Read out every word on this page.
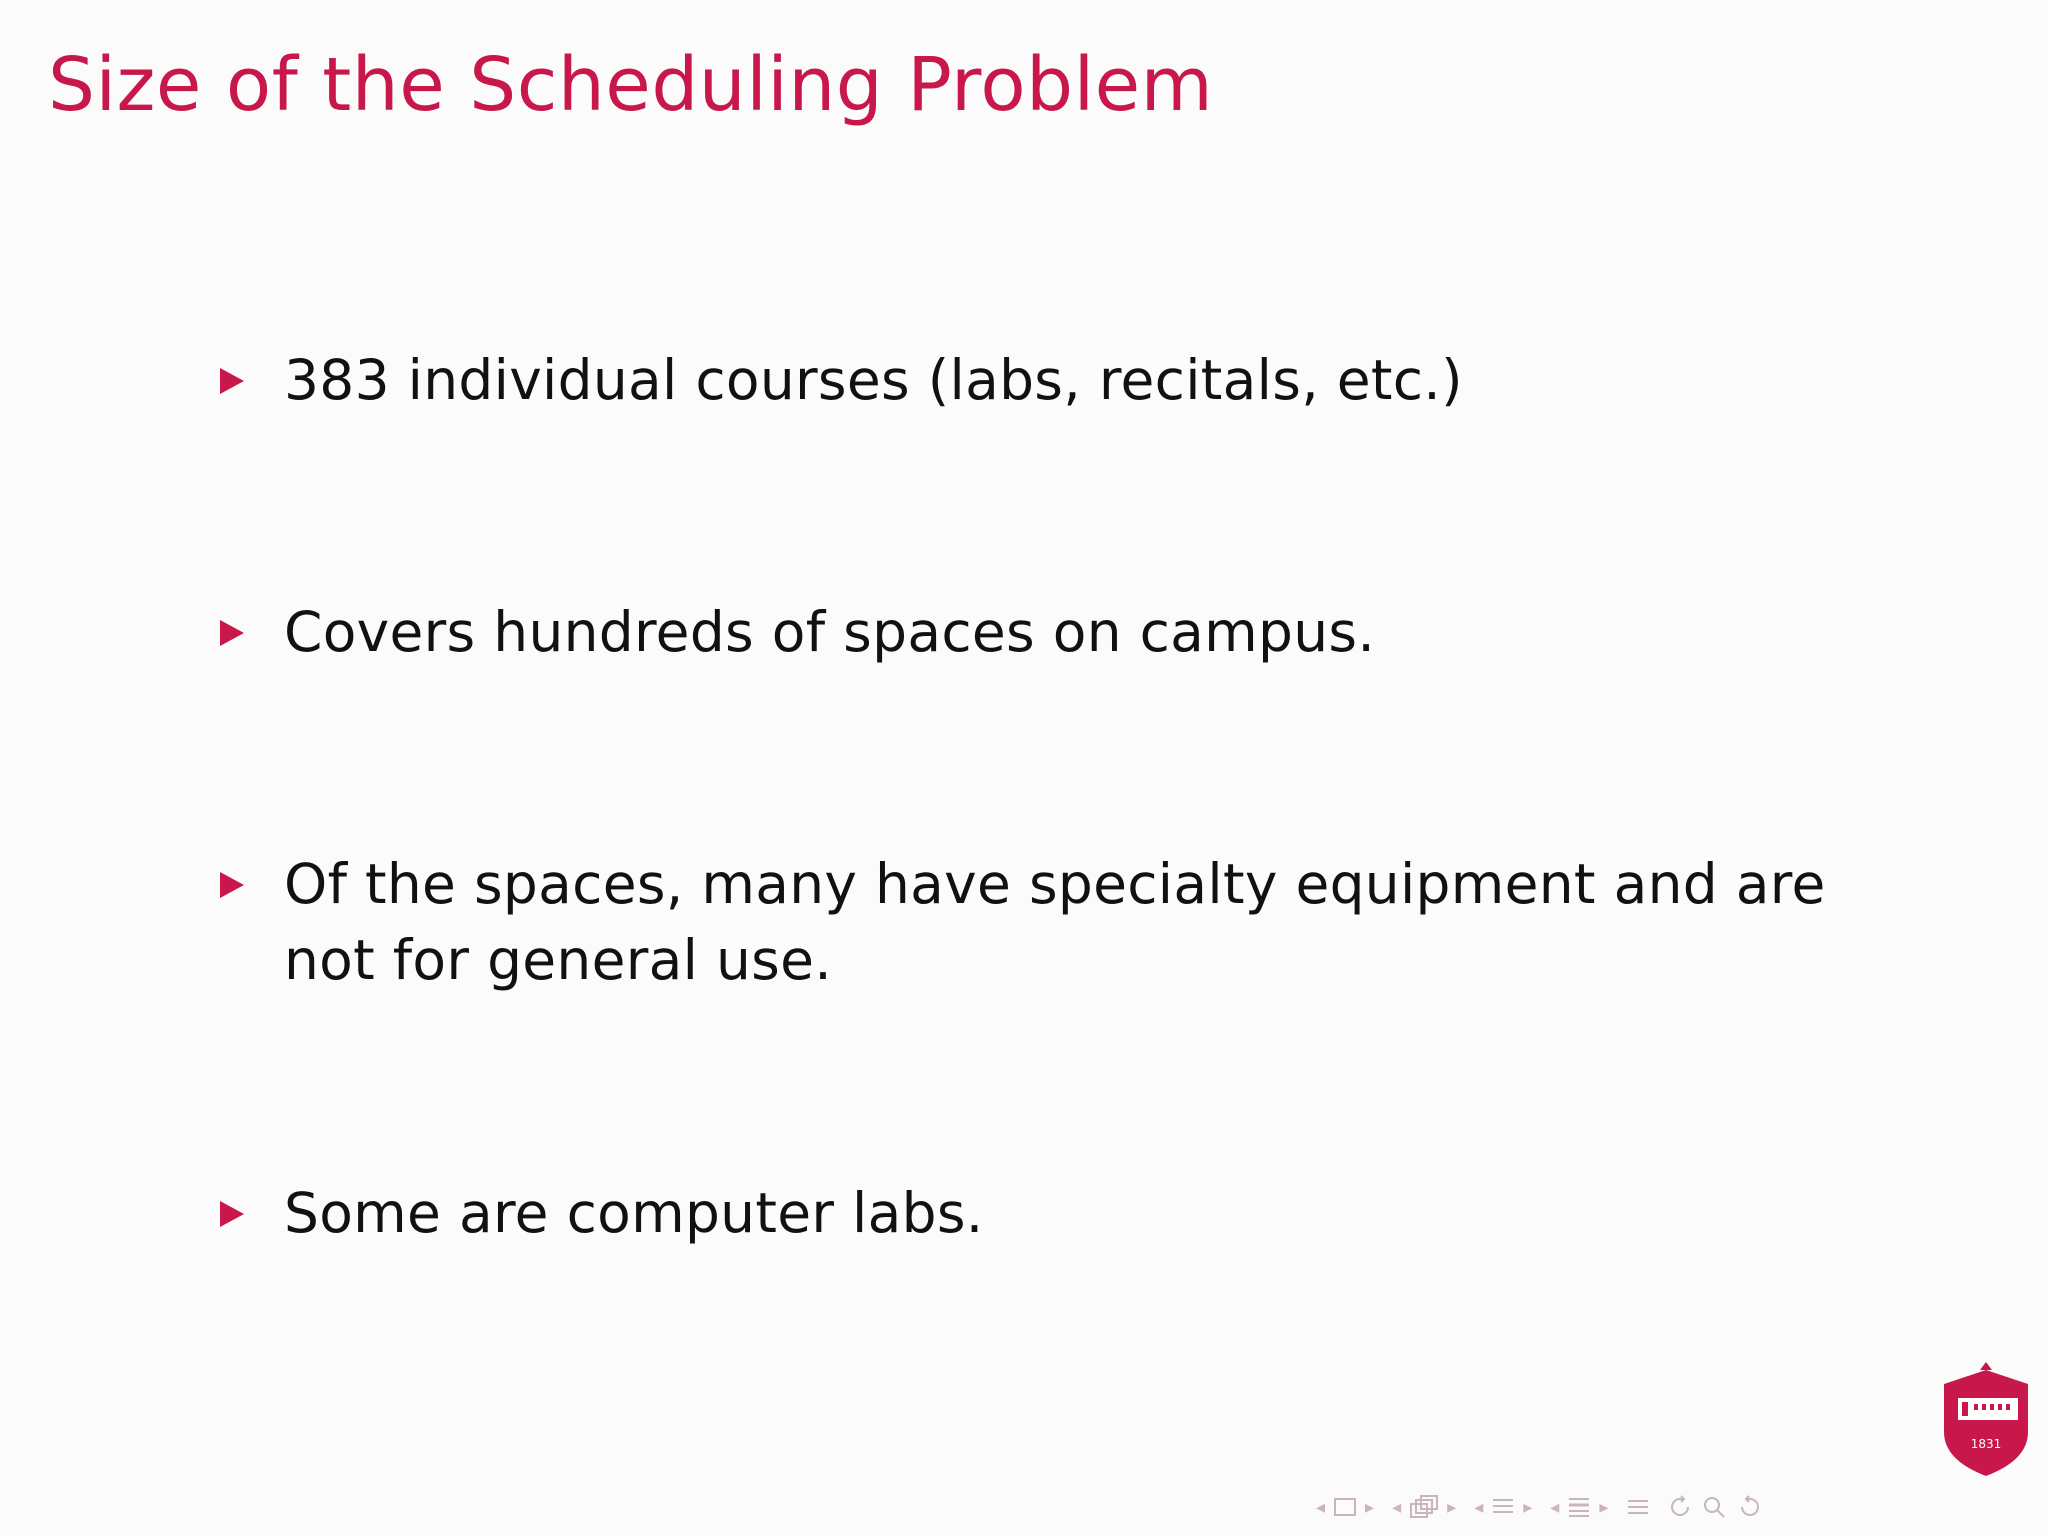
Size of the Scheduling Problem
383 individual courses (labs, recitals, etc.)
Covers hundreds of spaces on campus.
Of the spaces, many have specialty equipment and are not for general use.
Some are computer labs.
1831
◂ ▸ ◂	▸ ◂ ▸ ◂ ▸
